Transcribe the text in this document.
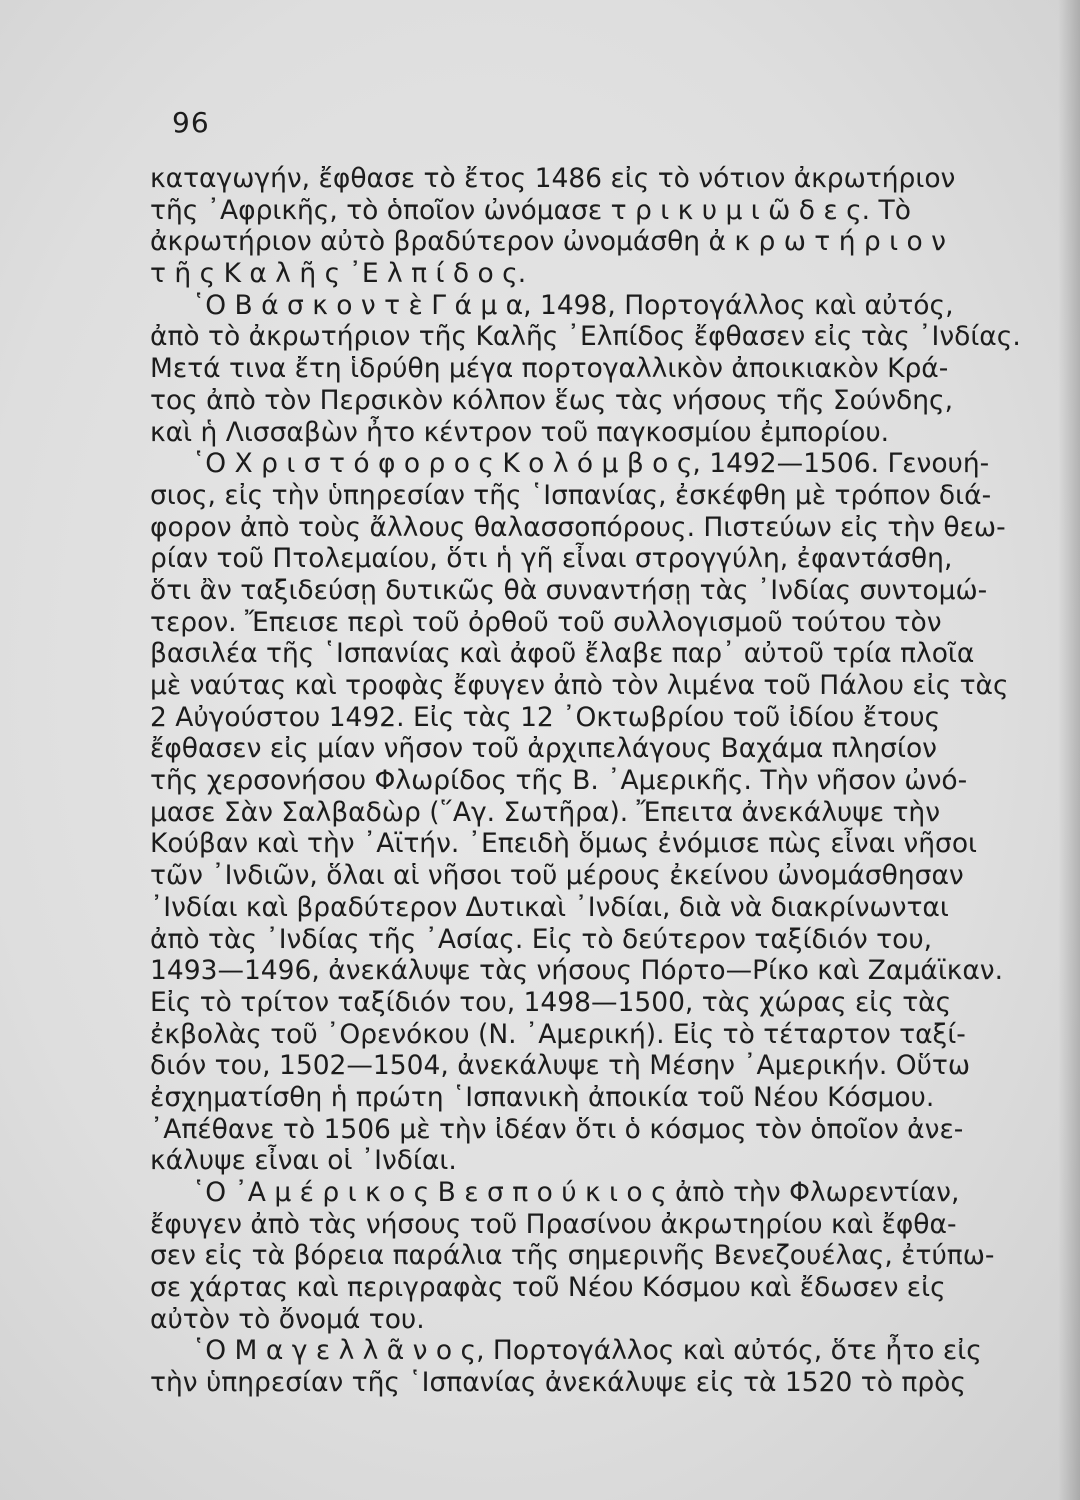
96
καταγωγήν, ἔφθασε τὸ ἔτος 1486 εἰς τὸ νότιον ἀκρωτήριον
τῆς ᾿Αφρικῆς, τὸ ὁποῖον ὠνόμασε τ ρ ι κ υ μ ι ῶ δ ε ς. Τὸ
ἀκρωτήριον αὐτὸ βραδύτερον ὠνομάσθη ἀ κ ρ ω τ ή ρ ι ο ν
τ ῆ ς Κ α λ ῆ ς ᾿Ε λ π ί δ ο ς.
῾Ο Β ά σ κ ο ν τ ὲ Γ ά μ α, 1498, Πορτογάλλος καὶ αὐτός,
ἀπὸ τὸ ἀκρωτήριον τῆς Καλῆς ᾿Ελπίδος ἔφθασεν εἰς τὰς ᾿Ινδίας.
Μετά τινα ἔτη ἱδρύθη μέγα πορτογαλλικὸν ἀποικιακὸν Κρά-
τος ἀπὸ τὸν Περσικὸν κόλπον ἕως τὰς νήσους τῆς Σούνδης,
καὶ ἡ Λισσαβὼν ἦτο κέντρον τοῦ παγκοσμίου ἐμπορίου.
῾Ο Χ ρ ι σ τ ό φ ο ρ ο ς Κ ο λ ό μ β ο ς, 1492—1506. Γενουή-
σιος, εἰς τὴν ὑπηρεσίαν τῆς ῾Ισπανίας, ἐσκέφθη μὲ τρόπον διά-
φορον ἀπὸ τοὺς ἄλλους θαλασσοπόρους. Πιστεύων εἰς τὴν θεω-
ρίαν τοῦ Πτολεμαίου, ὅτι ἡ γῆ εἶναι στρογγύλη, ἐφαντάσθη,
ὅτι ἂν ταξιδεύσῃ δυτικῶς θὰ συναντήσῃ τὰς ᾿Ινδίας συντομώ-
τερον. Ἔπεισε περὶ τοῦ ὀρθοῦ τοῦ συλλογισμοῦ τούτου τὸν
βασιλέα τῆς ῾Ισπανίας καὶ ἀφοῦ ἔλαβε παρ᾿ αὐτοῦ τρία πλοῖα
μὲ ναύτας καὶ τροφὰς ἔφυγεν ἀπὸ τὸν λιμένα τοῦ Πάλου εἰς τὰς
2 Αὐγούστου 1492. Εἰς τὰς 12 ᾿Οκτωβρίου τοῦ ἰδίου ἔτους
ἔφθασεν εἰς μίαν νῆσον τοῦ ἀρχιπελάγους Βαχάμα πλησίον
τῆς χερσονήσου Φλωρίδος τῆς Β. ᾿Αμερικῆς. Τὴν νῆσον ὠνό-
μασε Σὰν Σαλβαδὼρ (῞Αγ. Σωτῆρα). Ἔπειτα ἀνεκάλυψε τὴν
Κούβαν καὶ τὴν ᾿Αϊτήν. ᾿Επειδὴ ὅμως ἐνόμισε πὼς εἶναι νῆσοι
τῶν ᾿Ινδιῶν, ὅλαι αἱ νῆσοι τοῦ μέρους ἐκείνου ὠνομάσθησαν
᾿Ινδίαι καὶ βραδύτερον Δυτικαὶ ᾿Ινδίαι, διὰ νὰ διακρίνωνται
ἀπὸ τὰς ᾿Ινδίας τῆς ᾿Ασίας. Εἰς τὸ δεύτερον ταξίδιόν του,
1493—1496, ἀνεκάλυψε τὰς νήσους Πόρτο—Ρίκο καὶ Ζαμάϊκαν.
Εἰς τὸ τρίτον ταξίδιόν του, 1498—1500, τὰς χώρας εἰς τὰς
ἐκβολὰς τοῦ ᾿Ορενόκου (Ν. ᾿Αμερική). Εἰς τὸ τέταρτον ταξί-
διόν του, 1502—1504, ἀνεκάλυψε τὴ Μέσην ᾿Αμερικήν. Οὕτω
ἐσχηματίσθη ἡ πρώτη ῾Ισπανικὴ ἀποικία τοῦ Νέου Κόσμου.
᾿Απέθανε τὸ 1506 μὲ τὴν ἰδέαν ὅτι ὁ κόσμος τὸν ὁποῖον ἀνε-
κάλυψε εἶναι οἱ ᾿Ινδίαι.
῾Ο ᾿Α μ έ ρ ι κ ο ς Β ε σ π ο ύ κ ι ο ς ἀπὸ τὴν Φλωρεντίαν,
ἔφυγεν ἀπὸ τὰς νήσους τοῦ Πρασίνου ἀκρωτηρίου καὶ ἔφθα-
σεν εἰς τὰ βόρεια παράλια τῆς σημερινῆς Βενεζουέλας, ἐτύπω-
σε χάρτας καὶ περιγραφὰς τοῦ Νέου Κόσμου καὶ ἔδωσεν εἰς
αὐτὸν τὸ ὄνομά του.
῾Ο Μ α γ ε λ λ ᾶ ν ο ς, Πορτογάλλος καὶ αὐτός, ὅτε ἦτο εἰς
τὴν ὑπηρεσίαν τῆς ῾Ισπανίας ἀνεκάλυψε εἰς τὰ 1520 τὸ πρὸς
